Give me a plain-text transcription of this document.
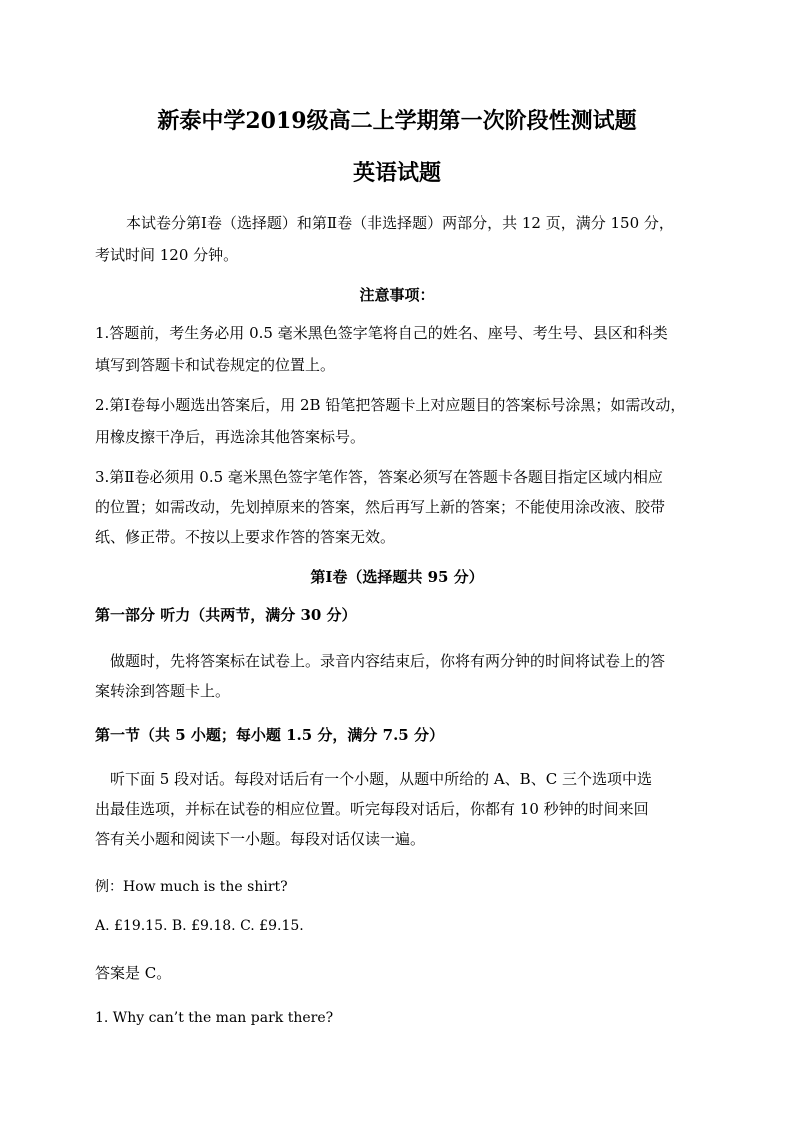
新泰中学2019级高二上学期第一次阶段性测试题
英语试题
本试卷分第Ⅰ卷（选择题）和第Ⅱ卷（非选择题）两部分，共 12 页，满分 150 分，
考试时间 120 分钟。
注意事项：
1.答题前，考生务必用 0.5 毫米黑色签字笔将自己的姓名、座号、考生号、县区和科类
填写到答题卡和试卷规定的位置上。
2.第Ⅰ卷每小题选出答案后，用 2B 铅笔把答题卡上对应题目的答案标号涂黑；如需改动，
用橡皮擦干净后，再选涂其他答案标号。
3.第Ⅱ卷必须用 0.5 毫米黑色签字笔作答，答案必须写在答题卡各题目指定区域内相应
的位置；如需改动，先划掉原来的答案，然后再写上新的答案；不能使用涂改液、胶带
纸、修正带。不按以上要求作答的答案无效。
第Ⅰ卷（选择题共 95 分）
第一部分 听力（共两节，满分 30 分）
做题时，先将答案标在试卷上。录音内容结束后，你将有两分钟的时间将试卷上的答
案转涂到答题卡上。
第一节（共 5 小题；每小题 1.5 分，满分 7.5 分）
听下面 5 段对话。每段对话后有一个小题，从题中所给的 A、B、C 三个选项中选
出最佳选项，并标在试卷的相应位置。听完每段对话后，你都有 10 秒钟的时间来回
答有关小题和阅读下一小题。每段对话仅读一遍。
例：How much is the shirt?
A. £19.15. B. £9.18. C. £9.15.
答案是 C。
1. Why can’t the man park there?
